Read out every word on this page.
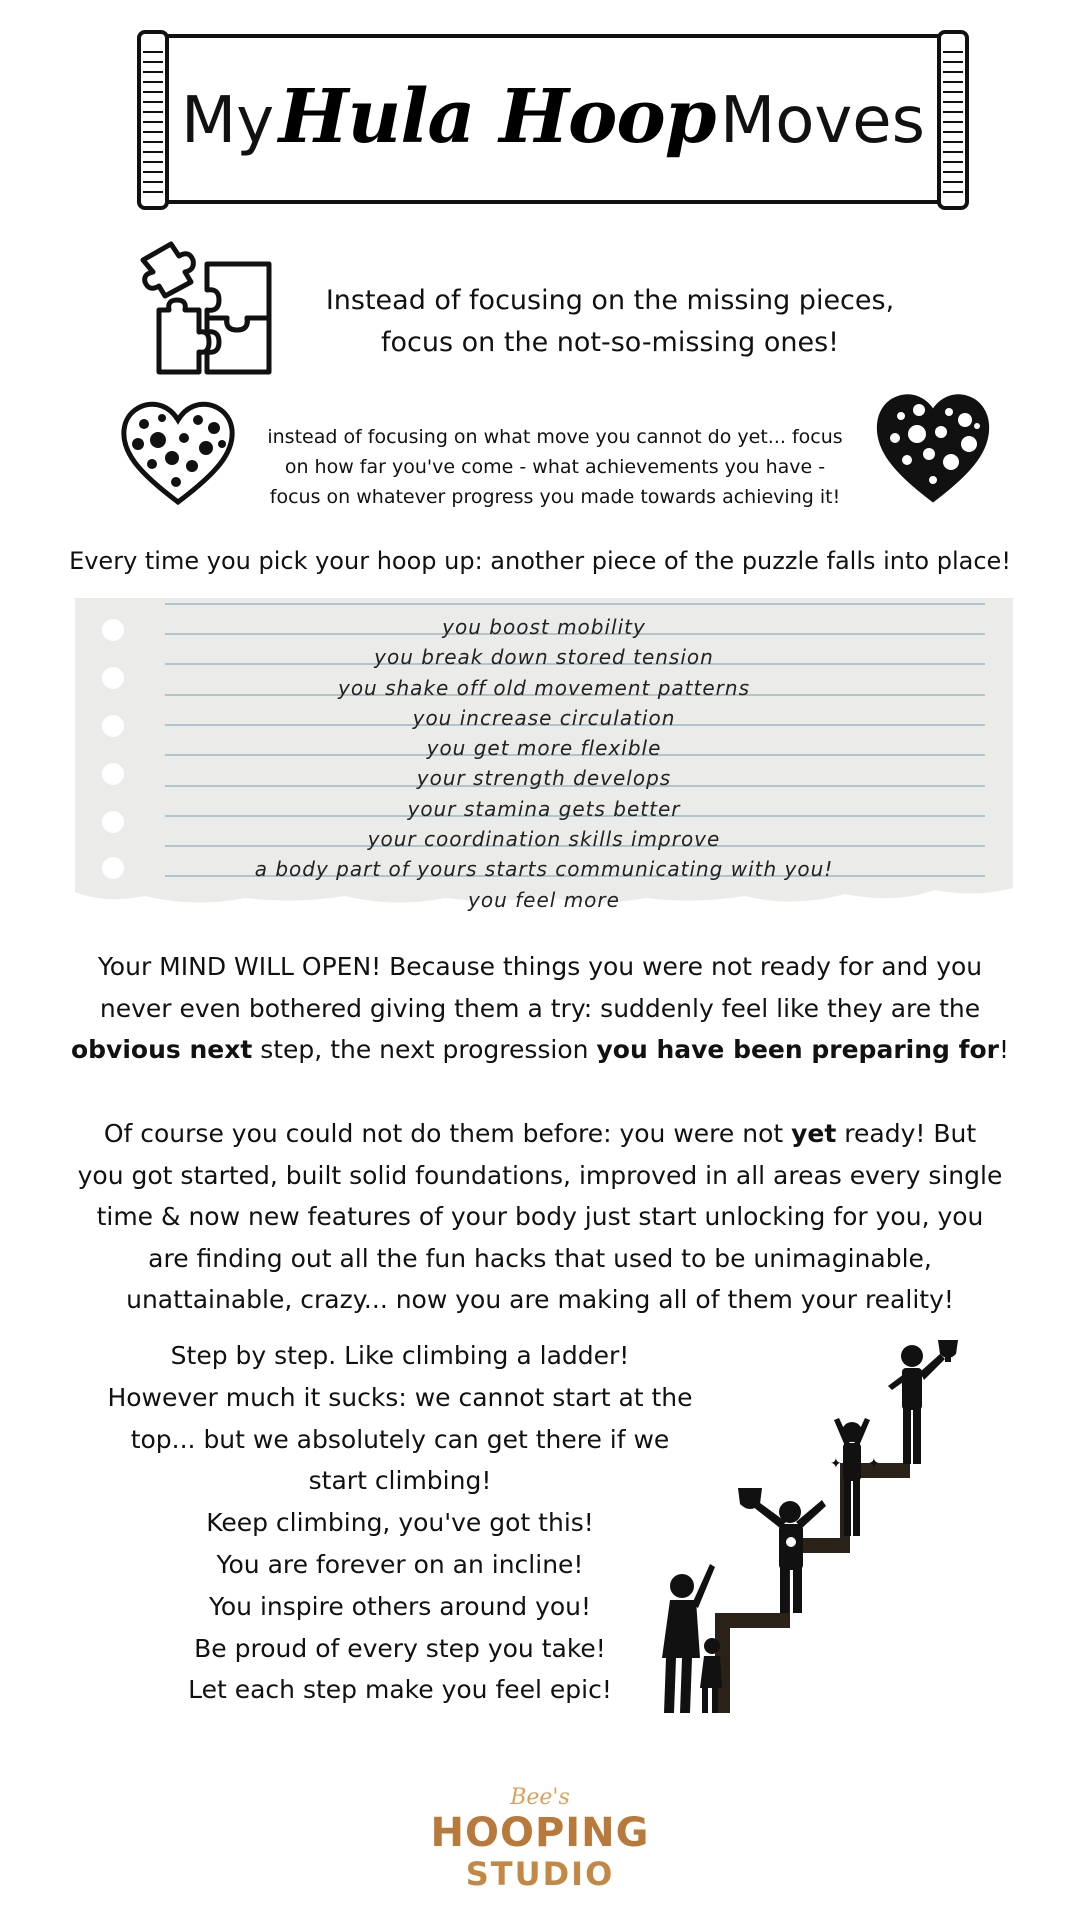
My Hula Hoop Moves
Instead of focusing on the missing pieces,
focus on the not-so-missing ones!
instead of focusing on what move you cannot do yet... focus
on how far you've come - what achievements you have -
focus on whatever progress you made towards achieving it!
Every time you pick your hoop up: another piece of the puzzle falls into place!
you boost mobility
you break down stored tension
you shake off old movement patterns
you increase circulation
you get more flexible
your strength develops
your stamina gets better
your coordination skills improve
a body part of yours starts communicating with you!
you feel more
Your MIND WILL OPEN! Because things you were not ready for and you
never even bothered giving them a try: suddenly feel like they are the
obvious next step, the next progression you have been preparing for!
Of course you could not do them before: you were not yet ready! But
you got started, built solid foundations, improved in all areas every single
time & now new features of your body just start unlocking for you, you
are finding out all the fun hacks that used to be unimaginable,
unattainable, crazy... now you are making all of them your reality!
Step by step. Like climbing a ladder!
However much it sucks: we cannot start at the
top... but we absolutely can get there if we
start climbing!
Keep climbing, you've got this!
You are forever on an incline!
You inspire others around you!
Be proud of every step you take!
Let each step make you feel epic!
✦ ✦
Bee's
HOOPING
STUDIO
